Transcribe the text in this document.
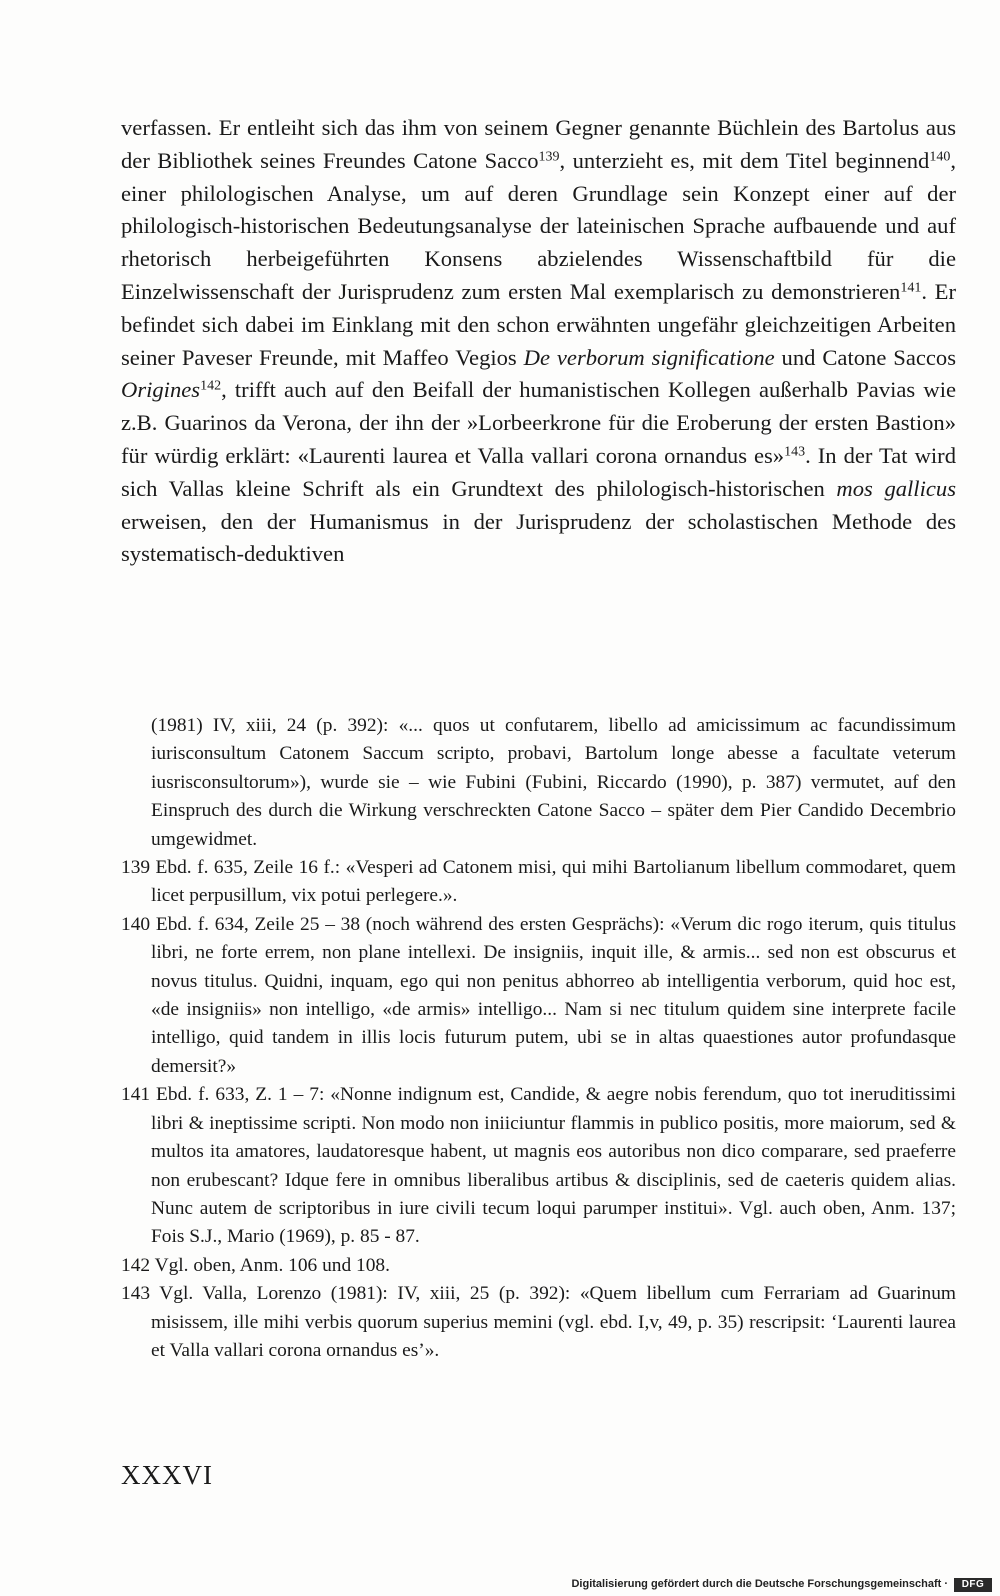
verfassen. Er entleiht sich das ihm von seinem Gegner genannte Büchlein des Bartolus aus der Bibliothek seines Freundes Catone Sacco$^{139}$, unterzieht es, mit dem Titel beginnend$^{140}$, einer philologischen Analyse, um auf deren Grundlage sein Konzept einer auf der philologisch-historischen Bedeutungsanalyse der lateinischen Sprache aufbauende und auf rhetorisch herbeigeführten Konsens abzielendes Wissenschaftbild für die Einzelwissenschaft der Jurisprudenz zum ersten Mal exemplarisch zu demonstrieren$^{141}$. Er befindet sich dabei im Einklang mit den schon erwähnten ungefähr gleichzeitigen Arbeiten seiner Paveser Freunde, mit Maffeo Vegios De verborum significatione und Catone Saccos Origines$^{142}$, trifft auch auf den Beifall der humanistischen Kollegen außerhalb Pavias wie z.B. Guarinos da Verona, der ihn der »Lorbeerkrone für die Eroberung der ersten Bastion» für würdig erklärt: «Laurenti laurea et Valla vallari corona ornandus es»$^{143}$. In der Tat wird sich Vallas kleine Schrift als ein Grundtext des philologisch-historischen mos gallicus erweisen, den der Humanismus in der Jurisprudenz der scholastischen Methode des systematisch-deduktiven

(1981) IV, xiii, 24 (p. 392): «... quos ut confutarem, libello ad amicissimum ac facundissimum iurisconsultum Catonem Saccum scripto, probavi, Bartolum longe abesse a facultate veterum iusrisconsultorum»), wurde sie – wie Fubini (Fubini, Riccardo (1990), p. 387) vermutet, auf den Einspruch des durch die Wirkung verschreckten Catone Sacco – später dem Pier Candido Decembrio umgewidmet.

139 Ebd. f. 635, Zeile 16 f.: «Vesperi ad Catonem misi, qui mihi Bartolianum libellum commodaret, quem licet perpusillum, vix potui perlegere.».

140 Ebd. f. 634, Zeile 25 – 38 (noch während des ersten Gesprächs): «Verum dic rogo iterum, quis titulus libri, ne forte errem, non plane intellexi. De insigniis, inquit ille, & armis... sed non est obscurus et novus titulus. Quidni, inquam, ego qui non penitus abhorreo ab intelligentia verborum, quid hoc est, «de insigniis» non intelligo, «de armis» intelligo... Nam si nec titulum quidem sine interprete facile intelligo, quid tandem in illis locis futurum putem, ubi se in altas quaestiones autor profundasque demersit?»

141 Ebd. f. 633, Z. 1 – 7: «Nonne indignum est, Candide, & aegre nobis ferendum, quo tot ineruditissimi libri & ineptissime scripti. Non modo non iniiciuntur flammis in publico positis, more maiorum, sed & multos ita amatores, laudatoresque habent, ut magnis eos autoribus non dico comparare, sed praeferre non erubescant? Idque fere in omnibus liberalibus artibus & disciplinis, sed de caeteris quidem alias. Nunc autem de scriptoribus in iure civili tecum loqui parumper institui». Vgl. auch oben, Anm. 137; Fois S.J., Mario (1969), p. 85 - 87.

142 Vgl. oben, Anm. 106 und 108.

143 Vgl. Valla, Lorenzo (1981): IV, xiii, 25 (p. 392): «Quem libellum cum Ferrariam ad Guarinum misissem, ille mihi verbis quorum superius memini (vgl. ebd. I,v, 49, p. 35) rescripsit: ‘Laurenti laurea et Valla vallari corona ornandus es’».

XXXVI
Digitalisierung gefördert durch die Deutsche Forschungsgemeinschaft ·	DFG
